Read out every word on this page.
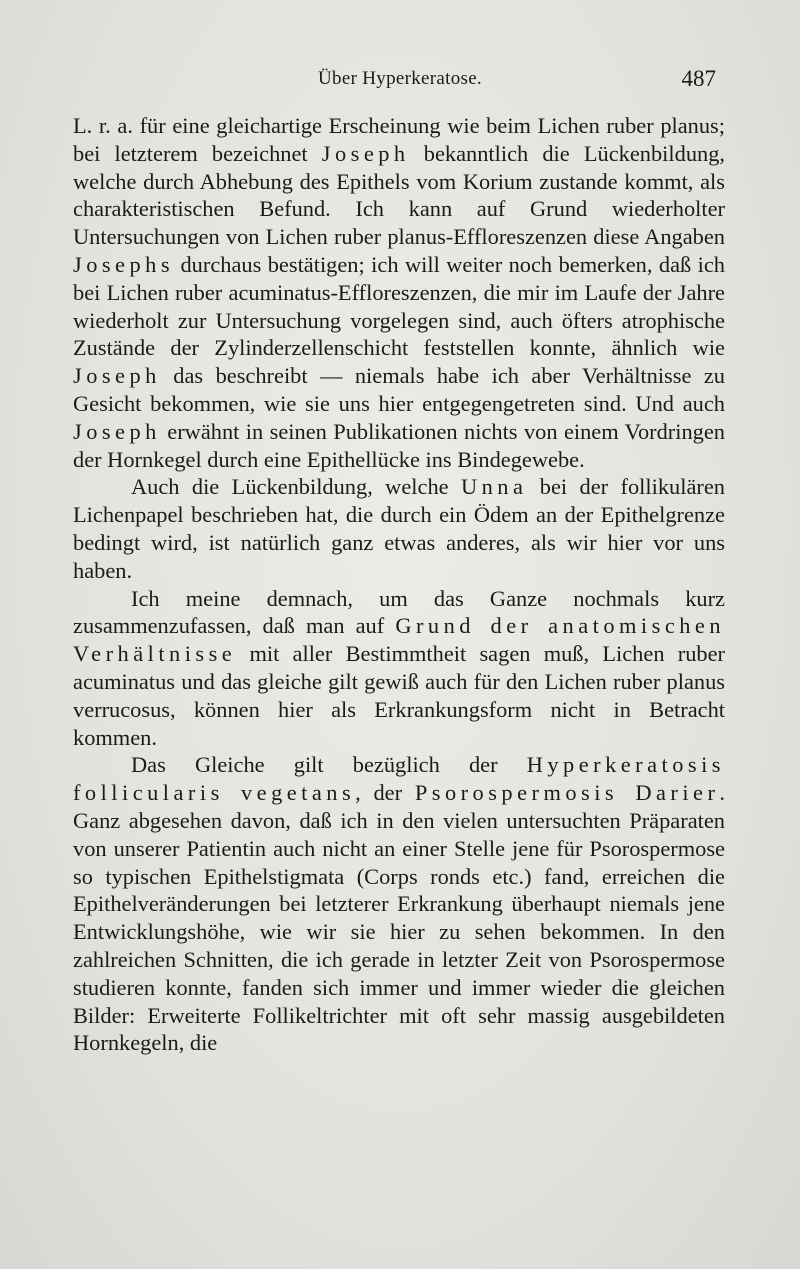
Über Hyperkeratose.	487

L. r. a. für eine gleichartige Erscheinung wie beim Lichen ruber planus; bei letzterem bezeichnet Joseph bekanntlich die Lückenbildung, welche durch Abhebung des Epithels vom Korium zustande kommt, als charakteristischen Befund. Ich kann auf Grund wiederholter Untersuchungen von Lichen ruber planus-Effloreszenzen diese Angaben Josephs durchaus bestätigen; ich will weiter noch bemerken, daß ich bei Lichen ruber acuminatus-Effloreszenzen, die mir im Laufe der Jahre wiederholt zur Untersuchung vorgelegen sind, auch öfters atrophische Zustände der Zylinderzellenschicht feststellen konnte, ähnlich wie Joseph das beschreibt — niemals habe ich aber Verhältnisse zu Gesicht bekommen, wie sie uns hier entgegengetreten sind. Und auch Joseph erwähnt in seinen Publikationen nichts von einem Vordringen der Hornkegel durch eine Epithellücke ins Bindegewebe.

Auch die Lückenbildung, welche Unna bei der follikulären Lichenpapel beschrieben hat, die durch ein Ödem an der Epithelgrenze bedingt wird, ist natürlich ganz etwas anderes, als wir hier vor uns haben.

Ich meine demnach, um das Ganze nochmals kurz zusammenzufassen, daß man auf Grund der anatomischen Verhältnisse mit aller Bestimmtheit sagen muß, Lichen ruber acuminatus und das gleiche gilt gewiß auch für den Lichen ruber planus verrucosus, können hier als Erkrankungsform nicht in Betracht kommen.

Das Gleiche gilt bezüglich der Hyperkeratosis follicularis vegetans, der Psorospermosis Darier. Ganz abgesehen davon, daß ich in den vielen untersuchten Präparaten von unserer Patientin auch nicht an einer Stelle jene für Psorospermose so typischen Epithelstigmata (Corps ronds etc.) fand, erreichen die Epithelveränderungen bei letzterer Erkrankung überhaupt niemals jene Entwicklungshöhe, wie wir sie hier zu sehen bekommen. In den zahlreichen Schnitten, die ich gerade in letzter Zeit von Psorospermose studieren konnte, fanden sich immer und immer wieder die gleichen Bilder: Erweiterte Follikeltrichter mit oft sehr massig ausgebildeten Hornkegeln, die
